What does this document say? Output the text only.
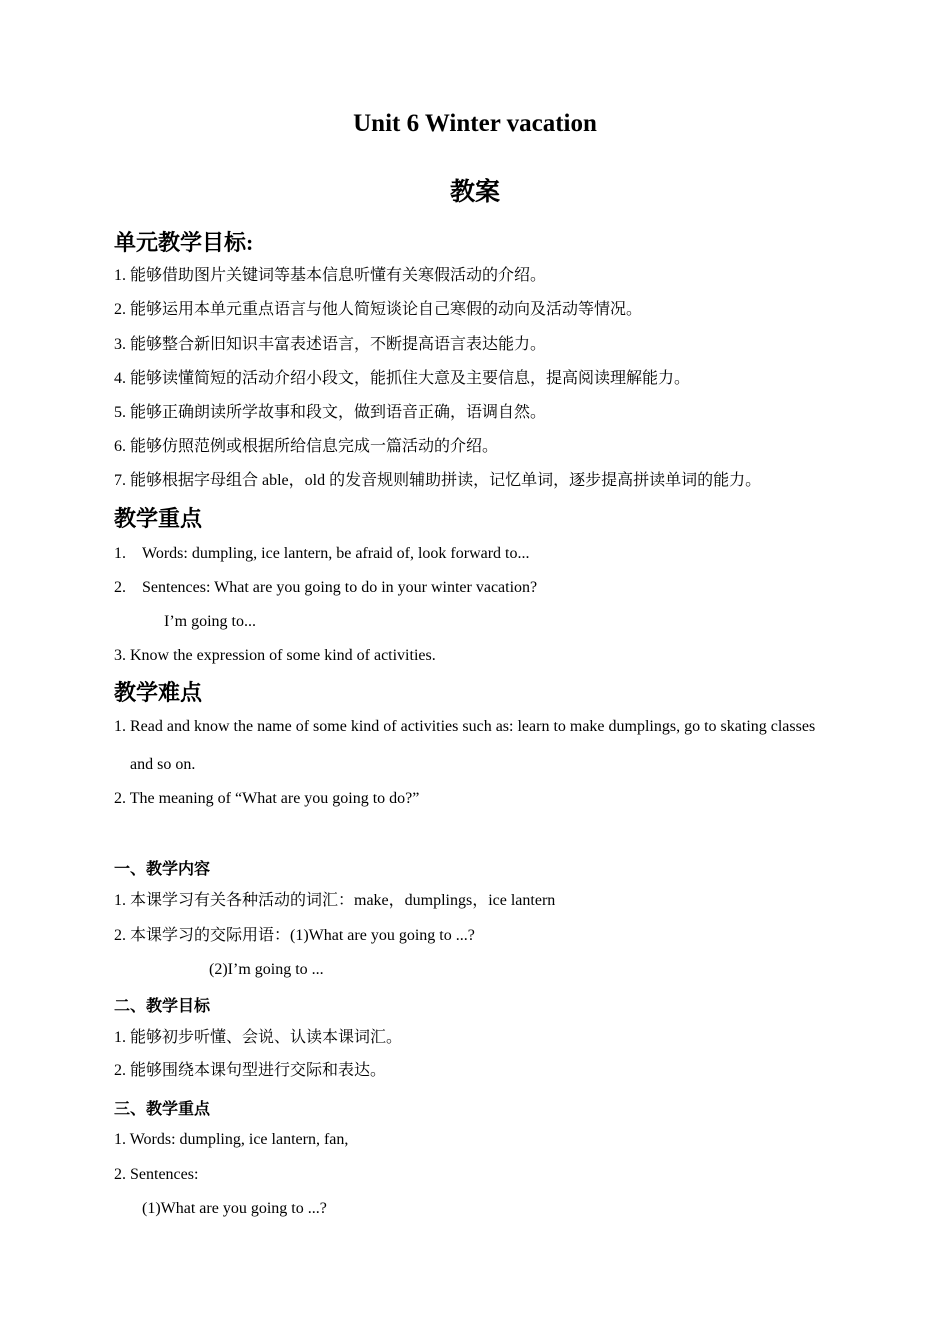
Unit 6 Winter vacation
教案
单元教学目标:
1. 能够借助图片关键词等基本信息听懂有关寒假活动的介绍。
2. 能够运用本单元重点语言与他人简短谈论自己寒假的动向及活动等情况。
3. 能够整合新旧知识丰富表述语言，不断提高语言表达能力。
4. 能够读懂简短的活动介绍小段文，能抓住大意及主要信息，提高阅读理解能力。
5. 能够正确朗读所学故事和段文，做到语音正确，语调自然。
6. 能够仿照范例或根据所给信息完成一篇活动的介绍。
7. 能够根据字母组合 able，old 的发音规则辅助拼读，记忆单词，逐步提高拼读单词的能力。
教学重点
1. Words: dumpling, ice lantern, be afraid of, look forward to...
2. Sentences: What are you going to do in your winter vacation?
I’m going to...
3. Know the expression of some kind of activities.
教学难点
1. Read and know the name of some kind of activities such as: learn to make dumplings, go to skating classes
and so on.
2. The meaning of “What are you going to do?”
一、教学内容
1. 本课学习有关各种活动的词汇：make，dumplings，ice lantern
2. 本课学习的交际用语：(1)What are you going to ...?
(2)I’m going to ...
二、教学目标
1. 能够初步听懂、会说、认读本课词汇。
2. 能够围绕本课句型进行交际和表达。
三、教学重点
1. Words: dumpling, ice lantern, fan,
2. Sentences:
(1)What are you going to ...?
